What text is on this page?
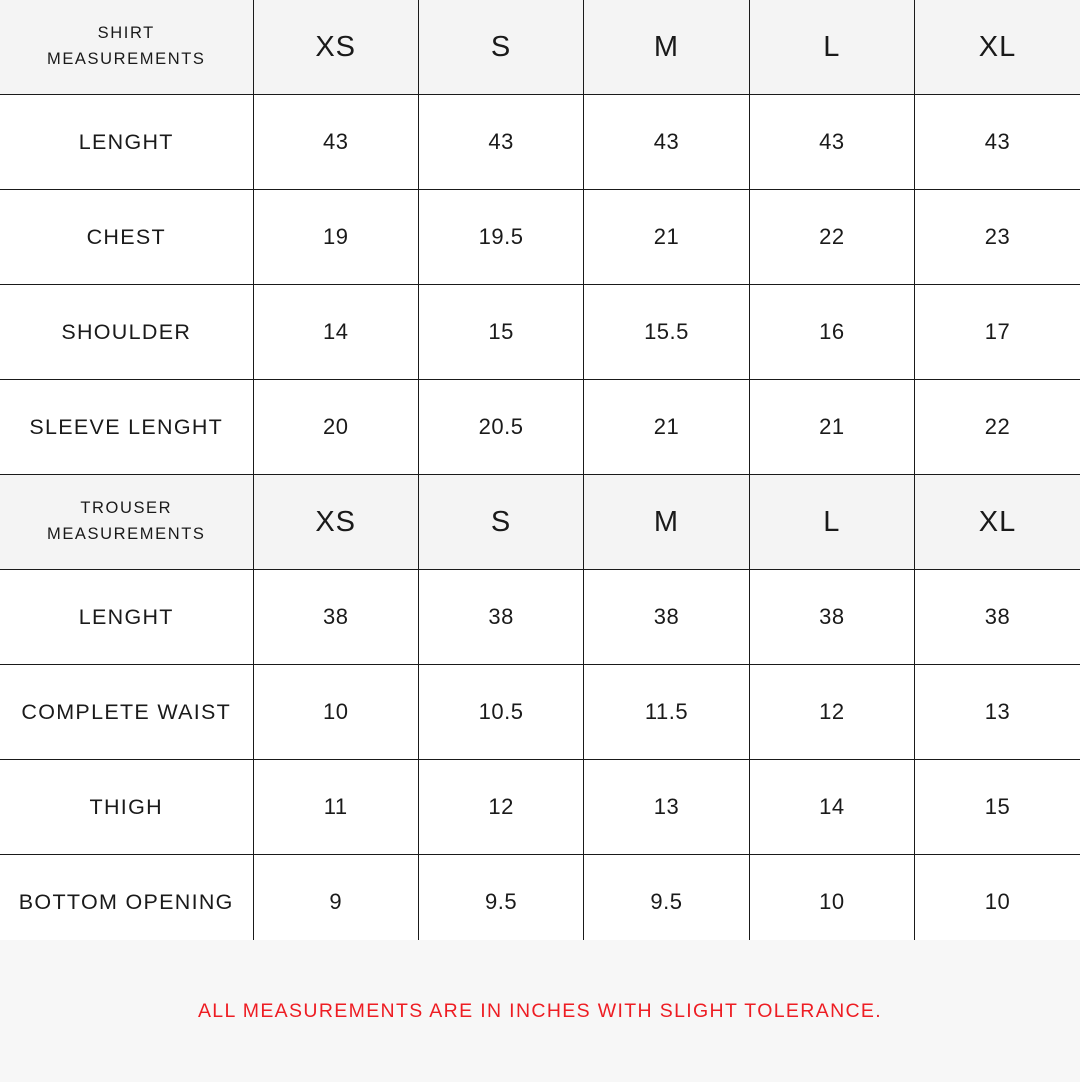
SHIRT
MEASUREMENTS	XS	S	M	L	XL

LENGHT	43	43	43	43	43
CHEST	19	19.5	21	22	23
SHOULDER	14	15	15.5	16	17
SLEEVE LENGHT	20	20.5	21	21	22

TROUSER
MEASUREMENTS	XS	S	M	L	XL

LENGHT	38	38	38	38	38
COMPLETE WAIST	10	10.5	11.5	12	13
THIGH	11	12	13	14	15
BOTTOM OPENING	9	9.5	9.5	10	10
ALL MEASUREMENTS ARE IN INCHES WITH SLIGHT TOLERANCE.
